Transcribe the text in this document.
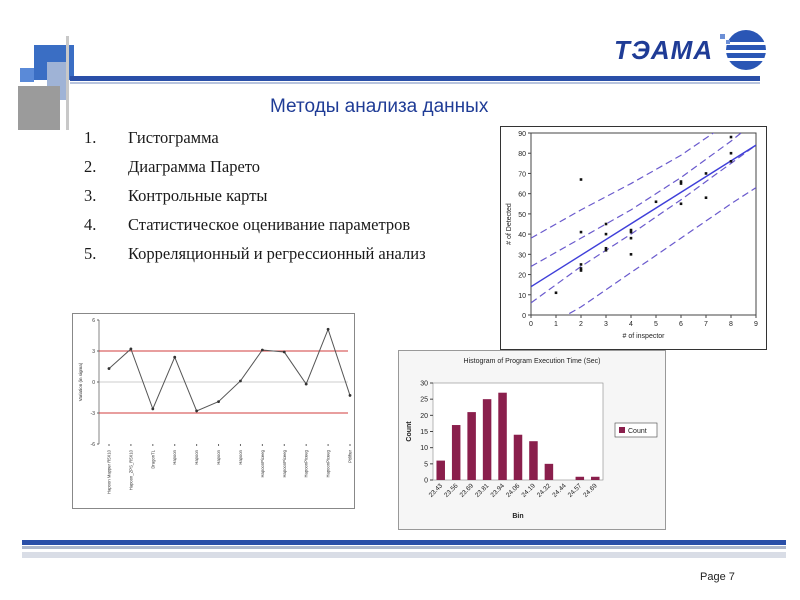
ТЭАМА
Методы анализа данных
1.	Гистограмма
2.	Диаграмма Парето
3.	Контрольные карты
4.	Статистическое оценивание параметров
5.	Корреляционный и регрессионный анализ
0
10
20
30
40
50
60
70
80
90
0	1	2	3	4	5	6	7	8	9
# of inspector
# of Detected
-6
-3
0
3
6
Variation (in sigma)
Hapoon Mapper R5X10	Hapoon_ZPS_R5X10	DragonTL	Hapoon	Hapoon	Hapoon	Hapoon	HapoonPiceeg	HapoonPiceeg	HapoonPiceeg	HapoonPiceeg	Pitlifter
Histogram of Program Execution Time (Sec)
0
5
10
15
20
25
30
23.43
23.56
23.69
23.81
23.94
24.06
24.19
24.32
24.44
24.57
24.69
Bin
Count	Count
Page 7
